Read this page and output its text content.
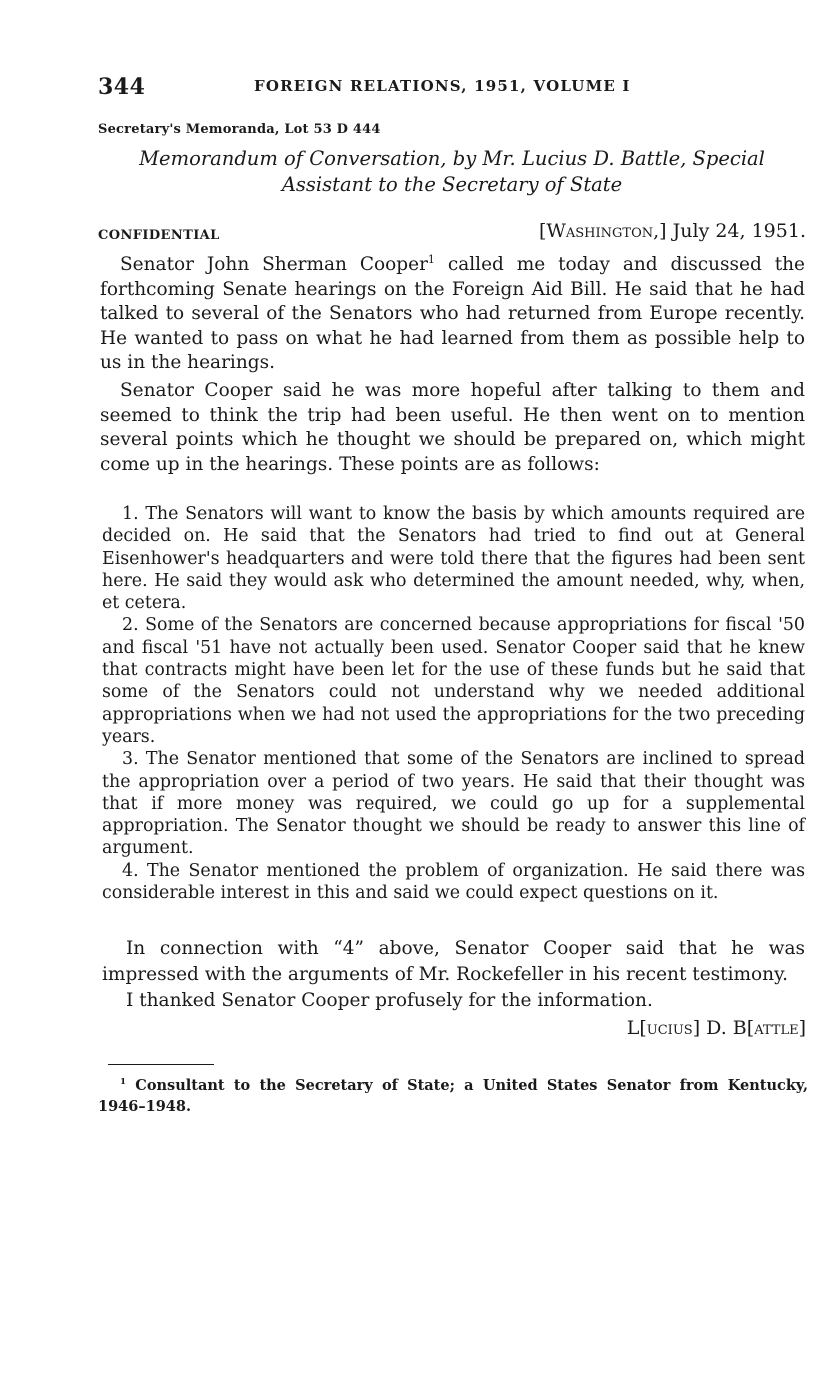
344	FOREIGN RELATIONS, 1951, VOLUME I
Secretary's Memoranda, Lot 53 D 444
Memorandum of Conversation, by Mr. Lucius D. Battle, Special
Assistant to the Secretary of State
CONFIDENTIAL	[Washington,] July 24, 1951.

Senator John Sherman Cooper$^1$ called me today and discussed the forthcoming Senate hearings on the Foreign Aid Bill. He said that he had talked to several of the Senators who had returned from Europe recently. He wanted to pass on what he had learned from them as possible help to us in the hearings.

Senator Cooper said he was more hopeful after talking to them and seemed to think the trip had been useful. He then went on to mention several points which he thought we should be prepared on, which might come up in the hearings. These points are as follows:

1. The Senators will want to know the basis by which amounts required are decided on. He said that the Senators had tried to find out at General Eisenhower's headquarters and were told there that the figures had been sent here. He said they would ask who determined the amount needed, why, when, et cetera.

2. Some of the Senators are concerned because appropriations for fiscal '50 and fiscal '51 have not actually been used. Senator Cooper said that he knew that contracts might have been let for the use of these funds but he said that some of the Senators could not understand why we needed additional appropriations when we had not used the appropriations for the two preceding years.

3. The Senator mentioned that some of the Senators are inclined to spread the appropriation over a period of two years. He said that their thought was that if more money was required, we could go up for a supplemental appropriation. The Senator thought we should be ready to answer this line of argument.

4. The Senator mentioned the problem of organization. He said there was considerable interest in this and said we could expect questions on it.

In connection with “4” above, Senator Cooper said that he was impressed with the arguments of Mr. Rockefeller in his recent testimony.

I thanked Senator Cooper profusely for the information.

L[ucius] D. B[attle]

$^1$ Consultant to the Secretary of State; a United States Senator from Kentucky, 1946–1948.
